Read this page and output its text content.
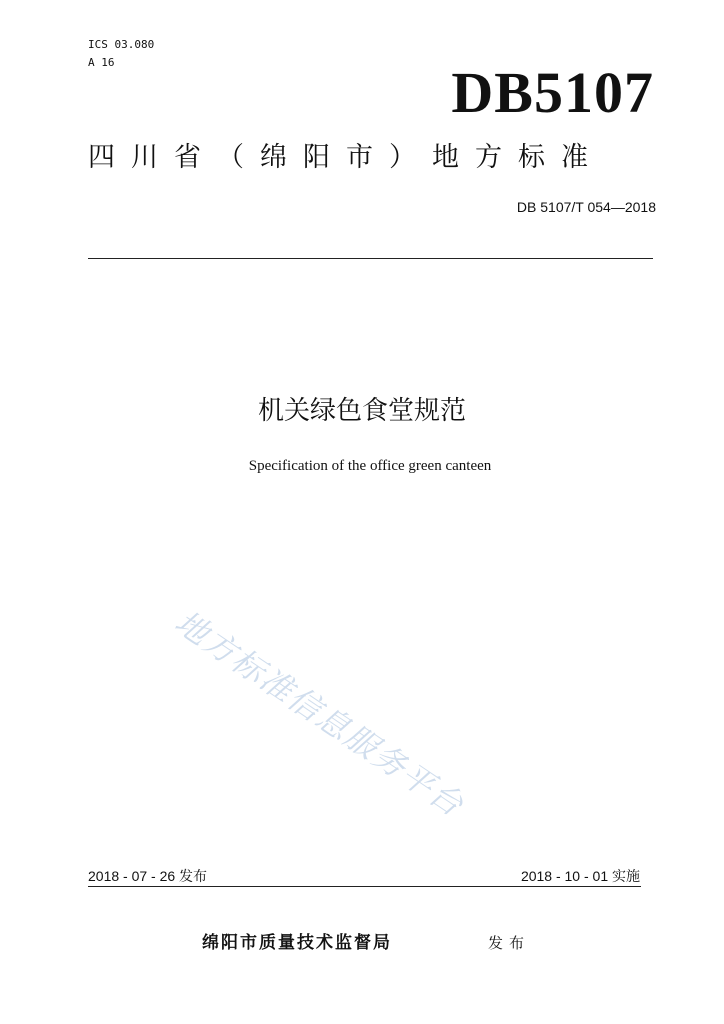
ICS 03.080
A 16	DB5107
四川省（绵阳市）地方标准
DB 5107/T 054—2018
机关绿色食堂规范
Specification of the office green canteen
地方标准信息服务平台
2018 - 07 - 26 发布	2018 - 10 - 01 实施
绵阳市质量技术监督局	发布
